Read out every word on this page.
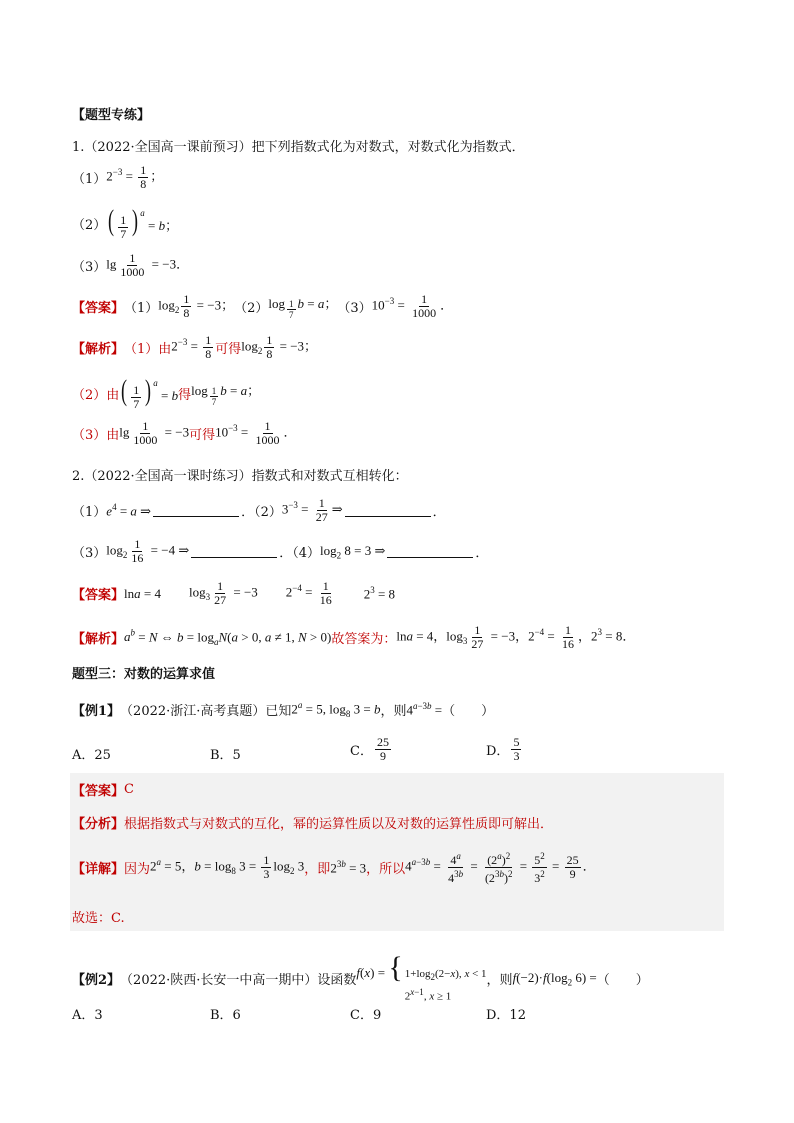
【题型专练】
1.（2022·全国高一课前预习）把下列指数式化为对数式，对数式化为指数式．
（1） $2^{-3} = \frac{1}{8}$ ；
（2） ( $\frac{1}{7}$ ) $^a$ = b；
（3） $\lg \frac{1}{1000} = -3$．
【答案】 （1） $\log_2 \frac{1}{8} = -3$； （2） log $_{\frac{1}{7}}$ b = a； （3） $10^{-3} = \frac{1}{1000}$ ．
【解析】 （1）由 $2^{-3} = \frac{1}{8}$ 可得 $\log_2 \frac{1}{8} = -3$；
（2）由 ( $\frac{1}{7}$ ) $^a$ = b 得 log $_{\frac{1}{7}}$ b = a；
（3）由 $\lg \frac{1}{1000} = -3$ 可得 $10^{-3} = \frac{1}{1000}$ ．
2.（2022·全国高一课时练习）指数式和对数式互相转化：
（1） $e^4 = a$ ⇒	．（2） $3^{-3} = \frac{1}{27}$ ⇒	．
（3） $\log_2 \frac{1}{16} = -4$ ⇒	．（4） $\log_2 8 = 3$ ⇒	．
【答案】 lna = 4 $\log_3 \frac{1}{27} = -3$ $2^{-4} = \frac{1}{16} 2^3 = 8$
【解析】 $a^b = N$ ⇔ $b = \log_aN(a > 0$, a ≠ 1, N > 0) 故答案为： lna = 4，$\log_3 \frac{1}{27} = -3$，$2^{-4} = \frac{1}{16}$ ，$2^3 = 8$．
题型三：对数的运算求值
【例1】 （2022·浙江·高考真题）已知 $2^a = 5$, $\log_8 3 = b$ ，则 $4^{a-3b}$ = （　　）
A．25	B．5	C． $\frac{25}{9}$	D． $\frac{5}{3}$
【答案】 C
【分析】 根据指数式与对数式的互化，幂的运算性质以及对数的运算性质即可解出．
【详解】 因为 $2^a = 5$，$b = \log_8 3 = \frac{1}{3} \log_2 3$ ，即 $2^{3b} = 3$ ，所以 $4^{a-3b} = \frac{4^a}{4^{3b}} = \frac{(2^a)^2}{(2^{3b})^2} = \frac{5^2}{3^2} = \frac{25}{9}$ ．
故选：C.
【例2】 （2022·陕西·长安一中高一期中）设函数
f(x) = { $1+\log_2(2-x)$, x < 1
$2^{x-1}$, x ≥ 1
，则 $f(-2)\cdot f(\log_2$ 6) = （　　）
A．3	B．6	C．9	D．12
